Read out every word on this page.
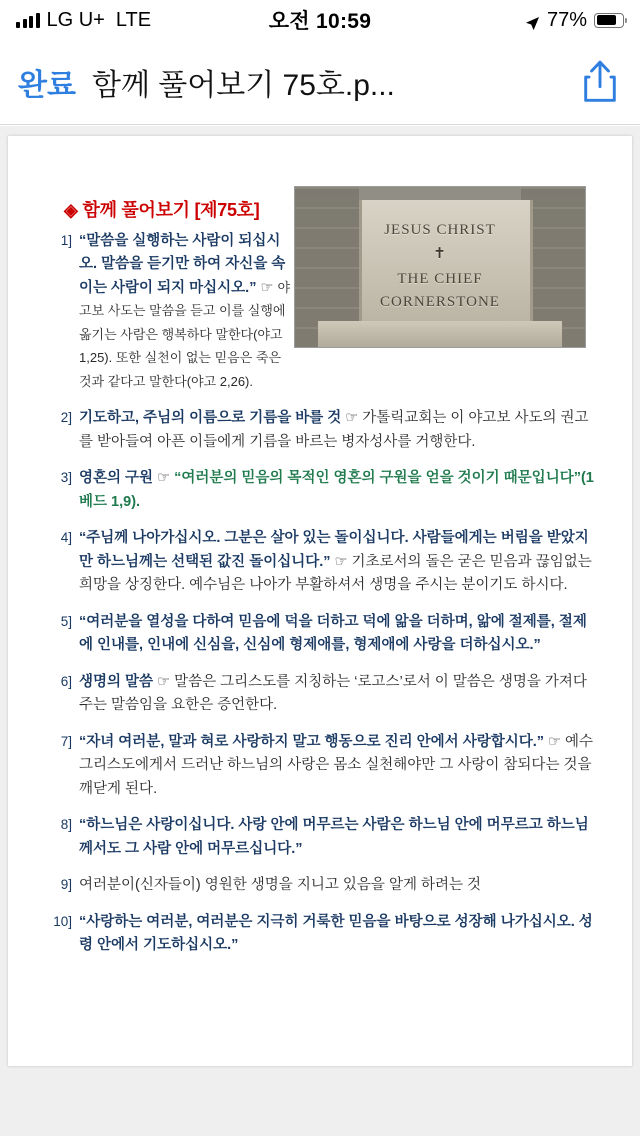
LG U+ LTE	오전 10:59	77%
완료 함께 풀어보기 75호.p...
JESUS CHRIST
✝
THE CHIEF
CORNERSTONE
◈ 함께 풀어보기 [제75호]
1] “말씀을 실행하는 사람이 되십시오. 말씀을 듣기만 하여 자신을 속이는 사람이 되지 마십시오.” ☞ 야고보 사도는 말씀을 듣고 이를 실행에 옮기는 사람은 행복하다 말한다(야고 1,25). 또한 실천이 없는 믿음은 죽은 것과 같다고 말한다(야고 2,26).
2] 기도하고, 주님의 이름으로 기름을 바를 것 ☞ 가톨릭교회는 이 야고보 사도의 권고를 받아들여 아픈 이들에게 기름을 바르는 병자성사를 거행한다.
3] 영혼의 구원 ☞ “여러분의 믿음의 목적인 영혼의 구원을 얻을 것이기 때문입니다”(1베드 1,9).
4] “주님께 나아가십시오. 그분은 살아 있는 돌이십니다. 사람들에게는 버림을 받았지만 하느님께는 선택된 값진 돌이십니다.” ☞ 기초로서의 돌은 굳은 믿음과 끊임없는 희망을 상징한다. 예수님은 나아가 부활하셔서 생명을 주시는 분이기도 하시다.
5] “여러분을 열성을 다하여 믿음에 덕을 더하고 덕에 앎을 더하며, 앎에 절제를, 절제에 인내를, 인내에 신심을, 신심에 형제애를, 형제애에 사랑을 더하십시오.”
6] 생명의 말씀 ☞ 말씀은 그리스도를 지칭하는 ‘로고스’로서 이 말씀은 생명을 가져다 주는 말씀임을 요한은 증언한다.
7] “자녀 여러분, 말과 혀로 사랑하지 말고 행동으로 진리 안에서 사랑합시다.” ☞ 예수 그리스도에게서 드러난 하느님의 사랑은 몸소 실천해야만 그 사랑이 참되다는 것을 깨닫게 된다.
8] “하느님은 사랑이십니다. 사랑 안에 머무르는 사람은 하느님 안에 머무르고 하느님께서도 그 사람 안에 머무르십니다.”
9] 여러분이(신자들이) 영원한 생명을 지니고 있음을 알게 하려는 것
10] “사랑하는 여러분, 여러분은 지극히 거룩한 믿음을 바탕으로 성장해 나가십시오. 성령 안에서 기도하십시오.”
